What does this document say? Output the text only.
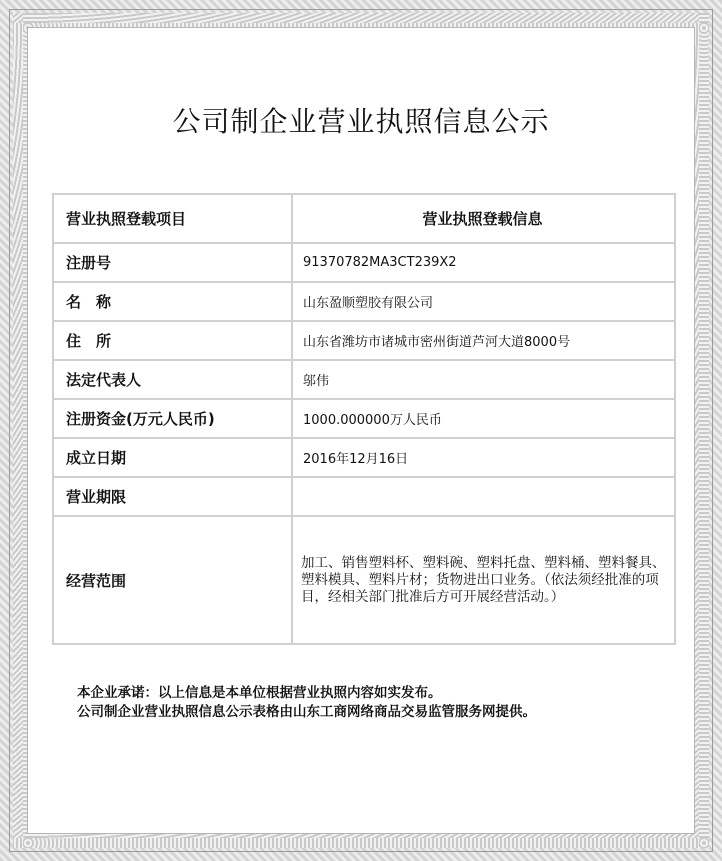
公司制企业营业执照信息公示
营业执照登载项目	营业执照登载信息
注册号	91370782MA3CT239X2
名　称	山东盈顺塑胶有限公司
住　所	山东省潍坊市诸城市密州街道芦河大道8000号
法定代表人	邬伟
注册资金(万元人民币)	1000.000000万人民币
成立日期	2016年12月16日
营业期限	
经营范围	加工、销售塑料杯、塑料碗、塑料托盘、塑料桶、塑料餐具、塑料模具、塑料片材；货物进出口业务。（依法须经批准的项目，经相关部门批准后方可开展经营活动。）
本企业承诺：以上信息是本单位根据营业执照内容如实发布。
公司制企业营业执照信息公示表格由山东工商网络商品交易监管服务网提供。
